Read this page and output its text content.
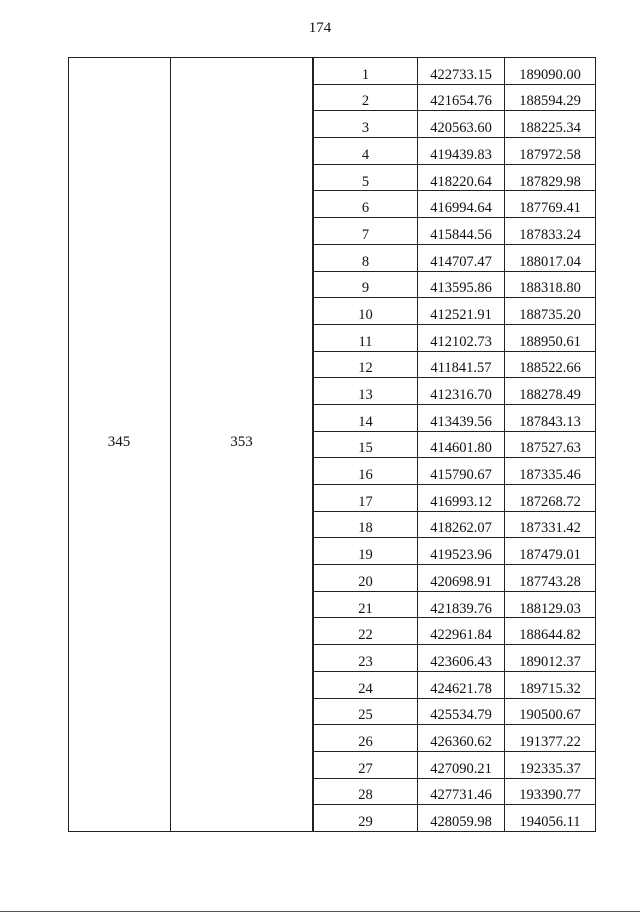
174
345	353
1	422733.15	189090.00
2	421654.76	188594.29
3	420563.60	188225.34
4	419439.83	187972.58
5	418220.64	187829.98
6	416994.64	187769.41
7	415844.56	187833.24
8	414707.47	188017.04
9	413595.86	188318.80
10	412521.91	188735.20
11	412102.73	188950.61
12	411841.57	188522.66
13	412316.70	188278.49
14	413439.56	187843.13
15	414601.80	187527.63
16	415790.67	187335.46
17	416993.12	187268.72
18	418262.07	187331.42
19	419523.96	187479.01
20	420698.91	187743.28
21	421839.76	188129.03
22	422961.84	188644.82
23	423606.43	189012.37
24	424621.78	189715.32
25	425534.79	190500.67
26	426360.62	191377.22
27	427090.21	192335.37
28	427731.46	193390.77
29	428059.98	194056.11
